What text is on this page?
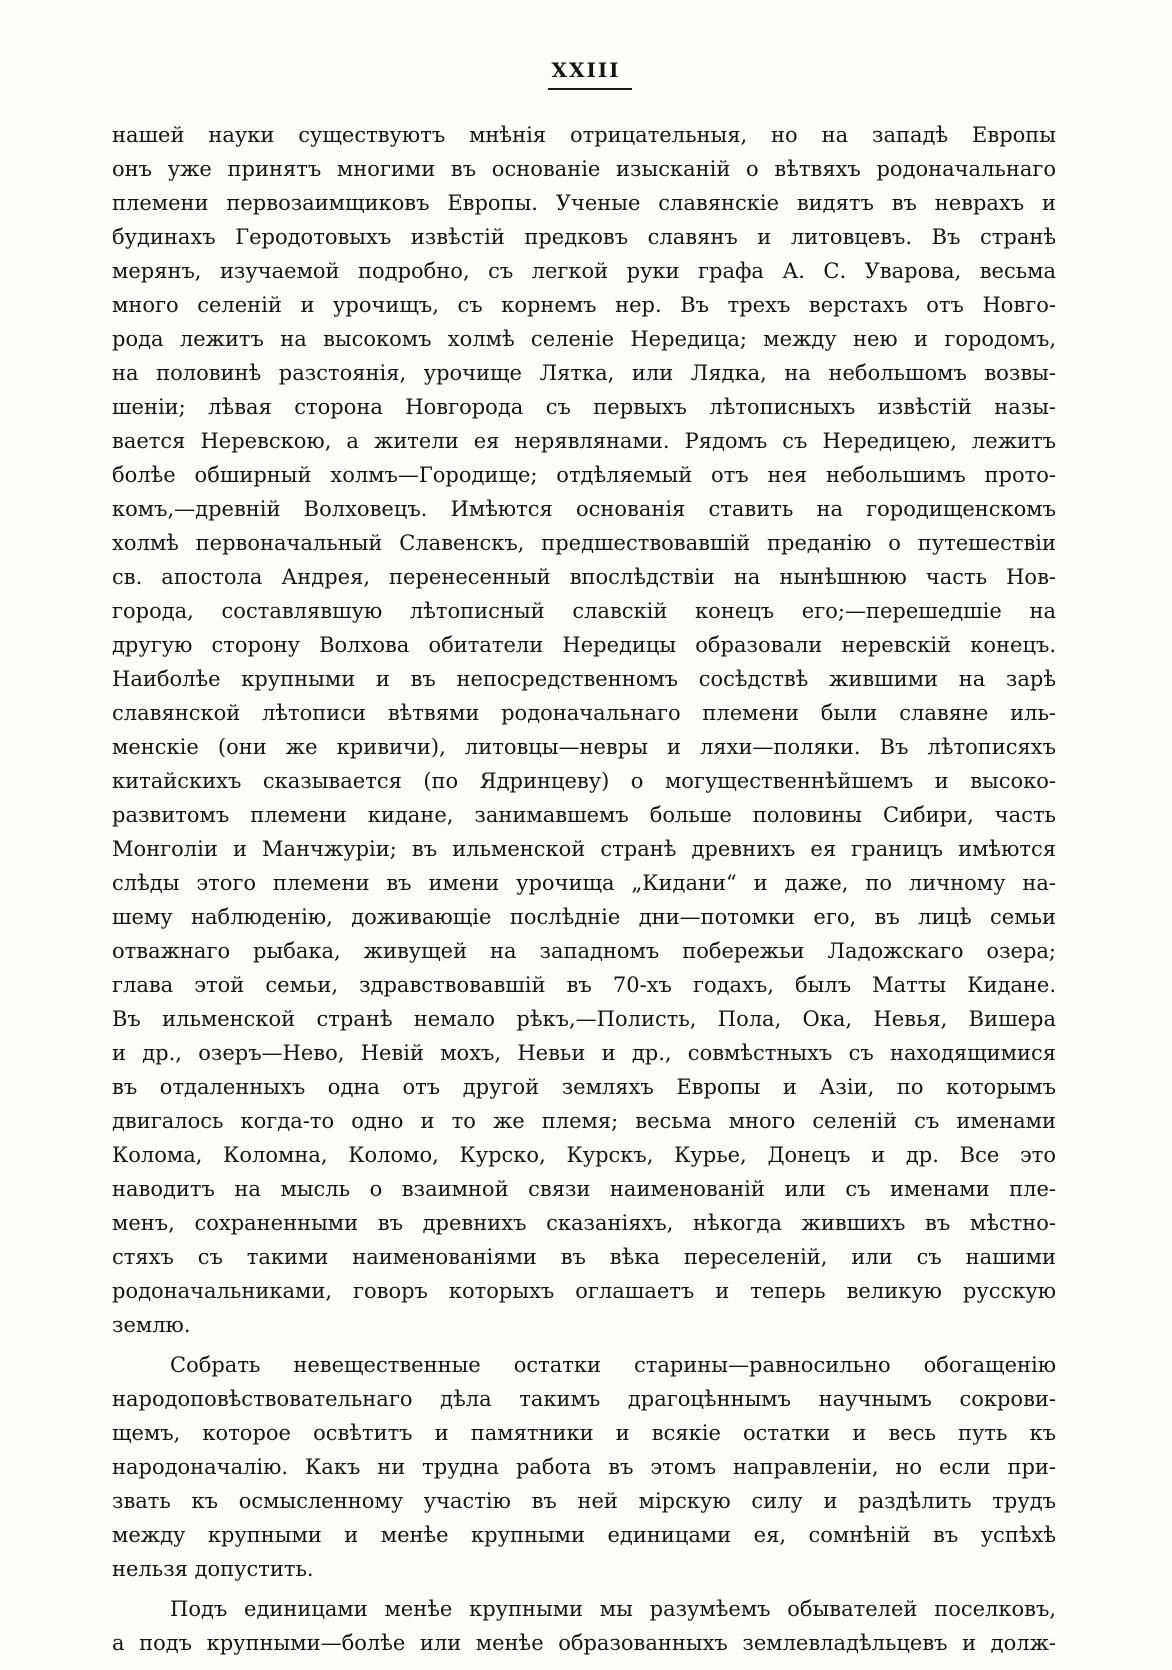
XXIII
нашей науки существуютъ мнѣнія отрицательныя, но на западѣ Европы
онъ уже принятъ многими въ основаніе изысканій о вѣтвяхъ родоначальнаго
племени первозаимщиковъ Европы. Ученые славянскіе видятъ въ неврахъ и
будинахъ Геродотовыхъ извѣстій предковъ славянъ и литовцевъ. Въ странѣ
мерянъ, изучаемой подробно, съ легкой руки графа А. С. Уварова, весьма
много селеній и урочищъ, съ корнемъ нер. Въ трехъ верстахъ отъ Новго-
рода лежитъ на высокомъ холмѣ селеніе Нередица; между нею и городомъ,
на половинѣ разстоянія, урочище Лятка, или Лядка, на небольшомъ возвы-
шеніи; лѣвая сторона Новгорода съ первыхъ лѣтописныхъ извѣстій назы-
вается Неревскою, а жители ея нерявлянами. Рядомъ съ Нередицею, лежитъ
болѣе обширный холмъ—Городище; отдѣляемый отъ нея небольшимъ прото-
комъ,—древній Волховецъ. Имѣются основанія ставить на городищенскомъ
холмѣ первоначальный Славенскъ, предшествовавшій преданію о путешествіи
св. апостола Андрея, перенесенный впослѣдствіи на нынѣшнюю часть Нов-
города, составлявшую лѣтописный славскій конецъ его;—перешедшіе на
другую сторону Волхова обитатели Нередицы образовали неревскій конецъ.
Наиболѣе крупными и въ непосредственномъ сосѣдствѣ жившими на зарѣ
славянской лѣтописи вѣтвями родоначальнаго племени были славяне иль-
менскіе (они же кривичи), литовцы—невры и ляхи—поляки. Въ лѣтописяхъ
китайскихъ сказывается (по Ядринцеву) о могущественнѣйшемъ и высоко-
развитомъ племени кидане, занимавшемъ больше половины Сибири, часть
Монголіи и Манчжуріи; въ ильменской странѣ древнихъ ея границъ имѣются
слѣды этого племени въ имени урочища „Кидани“ и даже, по личному на-
шему наблюденію, доживающіе послѣдніе дни—потомки его, въ лицѣ семьи
отважнаго рыбака, живущей на западномъ побережьи Ладожскаго озера;
глава этой семьи, здравствовавшій въ 70-хъ годахъ, былъ Матты Кидане.
Въ ильменской странѣ немало рѣкъ,—Полисть, Пола, Ока, Невья, Вишера
и др., озеръ—Нево, Невій мохъ, Невьи и др., совмѣстныхъ съ находящимися
въ отдаленныхъ одна отъ другой земляхъ Европы и Азіи, по которымъ
двигалось когда-то одно и то же племя; весьма много селеній съ именами
Колома, Коломна, Коломо, Курско, Курскъ, Курье, Донецъ и др. Все это
наводитъ на мысль о взаимной связи наименованій или съ именами пле-
менъ, сохраненными въ древнихъ сказаніяхъ, нѣкогда жившихъ въ мѣстно-
стяхъ съ такими наименованіями въ вѣка переселеній, или съ нашими
родоначальниками, говоръ которыхъ оглашаетъ и теперь великую русскую
землю.
Собрать невещественные остатки старины—равносильно обогащенію
народоповѣствовательнаго дѣла такимъ драгоцѣннымъ научнымъ сокрови-
щемъ, которое освѣтитъ и памятники и всякіе остатки и весь путь къ
народоначалію. Какъ ни трудна работа въ этомъ направленіи, но если при-
звать къ осмысленному участію въ ней мірскую силу и раздѣлить трудъ
между крупными и менѣе крупными единицами ея, сомнѣній въ успѣхѣ
нельзя допустить.
Подъ единицами менѣе крупными мы разумѣемъ обывателей поселковъ,
а подъ крупными—болѣе или менѣе образованныхъ землевладѣльцевъ и долж-
